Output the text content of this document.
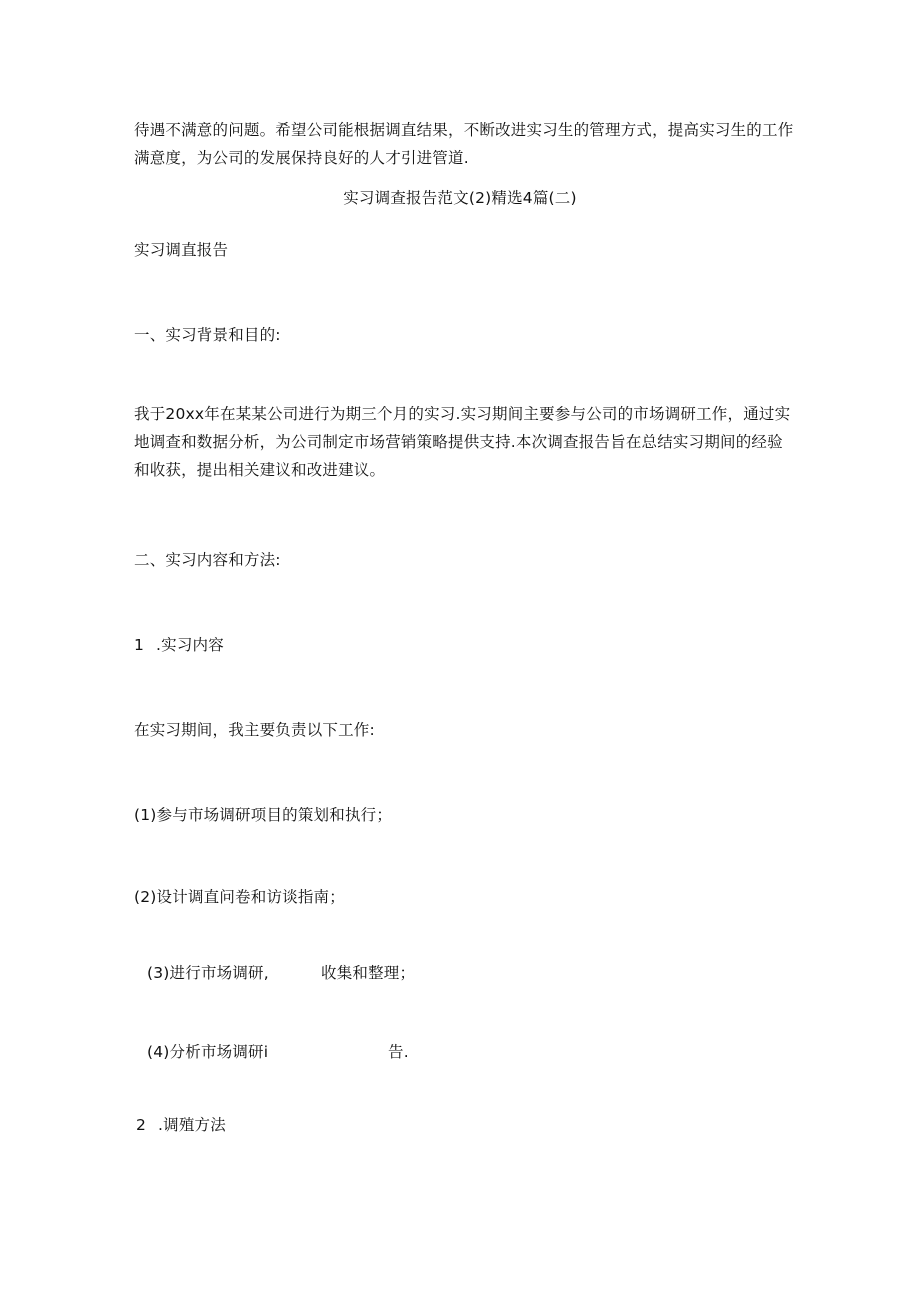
待遇不满意的问题。希望公司能根据调直结果，不断改进实习生的管理方式，提高实习生的工作满意度，为公司的发展保持良好的人才引进管道.
实习调查报告范文(2)精选4篇(二)
实习调直报告
一、实习背景和目的:
我于20xx年在某某公司进行为期三个月的实习.实习期间主要参与公司的市场调研工作，通过实地调查和数据分析，为公司制定市场营销策略提供支持.本次调查报告旨在总结实习期间的经验和收获，提出相关建议和改进建议。
二、实习内容和方法:
1 .实习内容
在实习期间，我主要负责以下工作:
(1)参与市场调研项目的策划和执行；
(2)设计调直问卷和访谈指南；
(3)进行市场调研,	收集和整理；
(4)分析市场调研i	告.
2 .调殖方法
